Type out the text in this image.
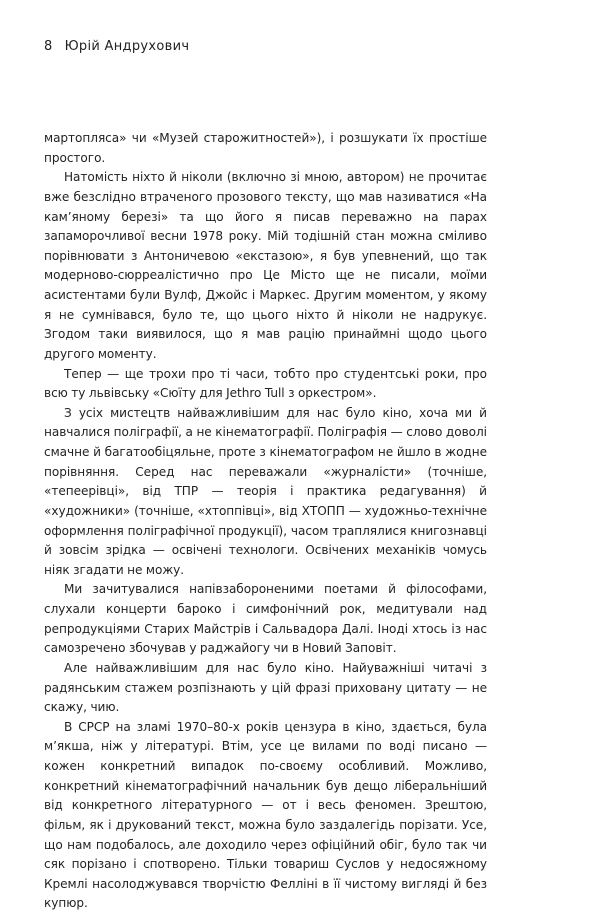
8 Юрій Андрухович

мартопляса» чи «Музей старожитностей»), і розшукати їх простіше простого.

Натомість ніхто й ніколи (включно зі мною, автором) не прочитає вже безслідно втраченого прозового тексту, що мав називатися «На кам’яному березі» та що його я писав переважно на парах запаморочливої весни 1978 року. Мій тодішній стан можна сміливо порівнювати з Антоничевою «екстазою», я був упевнений, що так модерново-сюрреалістично про Це Місто ще не писали, моїми асистентами були Вулф, Джойс і Маркес. Другим моментом, у якому я не сумнівався, було те, що цього ніхто й ніколи не надрукує. Згодом таки виявилося, що я мав рацію принаймні щодо цього другого моменту.

Тепер — ще трохи про ті часи, тобто про студентські роки, про всю ту львівську «Сюїту для Jethro Tull з оркестром».

З усіх мистецтв найважливішим для нас було кіно, хоча ми й навчалися поліграфії, а не кінематографії. Поліграфія — слово доволі смачне й багатообіцяльне, проте з кінематографом не йшло в жодне порівняння. Серед нас переважали «журналісти» (точніше, «тепеерівці», від ТПР — теорія і практика редагування) й «художники» (точніше, «хтоппівці», від ХТОПП — художньо-технічне оформлення поліграфічної продукції), часом траплялися книгознавці й зовсім зрідка — освічені технологи. Освічених механіків чомусь ніяк згадати не можу.

Ми зачитувалися напівзабороненими поетами й філософами, слухали концерти бароко і симфонічний рок, медитували над репродукціями Старих Майстрів і Сальвадора Далі. Іноді хтось із нас самозречено збочував у раджайогу чи в Новий Заповіт.

Але найважливішим для нас було кіно. Найуважніші читачі з радянським стажем розпізнають у цій фразі приховану цитату — не скажу, чию.

В СРСР на зламі 1970–80-х років цензура в кіно, здається, була м’якша, ніж у літературі. Втім, усе це вилами по воді писано — кожен конкретний випадок по-своєму особливий. Можливо, конкретний кінематографічний начальник був дещо ліберальніший від конкретного літературного — от і весь феномен. Зрештою, фільм, як і друкований текст, можна було заздалегідь порізати. Усе, що нам подобалось, але доходило через офіційний обіг, було так чи сяк порізано і спотворено. Тільки товариш Суслов у недосяжному Кремлі насолоджувався творчістю Фелліні в її чистому вигляді й без купюр.
